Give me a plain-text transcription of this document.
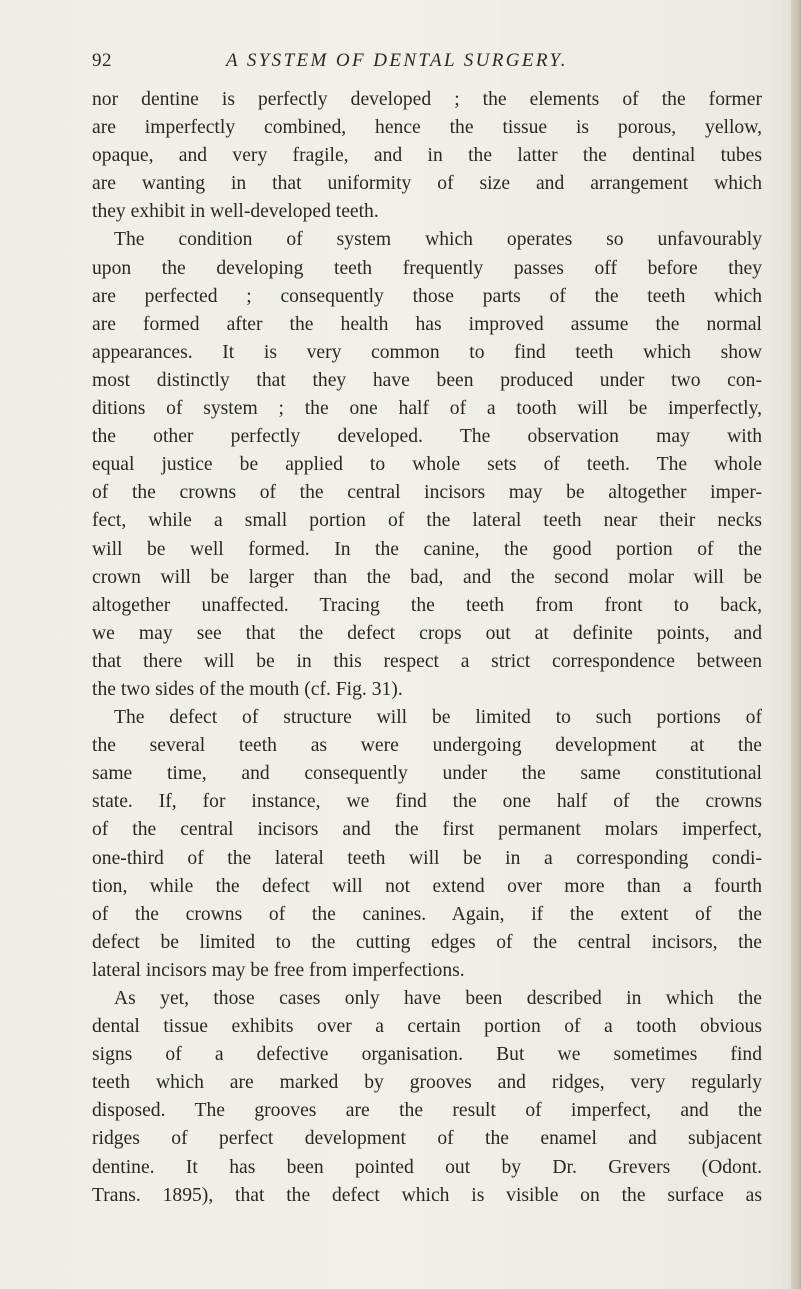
92	A SYSTEM OF DENTAL SURGERY.
nor dentine is perfectly developed ; the elements of the former
are imperfectly combined, hence the tissue is porous, yellow,
opaque, and very fragile, and in the latter the dentinal tubes
are wanting in that uniformity of size and arrangement which
they exhibit in well-developed teeth.
The condition of system which operates so unfavourably
upon the developing teeth frequently passes off before they
are perfected ; consequently those parts of the teeth which
are formed after the health has improved assume the normal
appearances. It is very common to find teeth which show
most distinctly that they have been produced under two con-
ditions of system ; the one half of a tooth will be imperfectly,
the other perfectly developed. The observation may with
equal justice be applied to whole sets of teeth. The whole
of the crowns of the central incisors may be altogether imper-
fect, while a small portion of the lateral teeth near their necks
will be well formed. In the canine, the good portion of the
crown will be larger than the bad, and the second molar will be
altogether unaffected. Tracing the teeth from front to back,
we may see that the defect crops out at definite points, and
that there will be in this respect a strict correspondence between
the two sides of the mouth (cf. Fig. 31).
The defect of structure will be limited to such portions of
the several teeth as were undergoing development at the
same time, and consequently under the same constitutional
state. If, for instance, we find the one half of the crowns
of the central incisors and the first permanent molars imperfect,
one-third of the lateral teeth will be in a corresponding condi-
tion, while the defect will not extend over more than a fourth
of the crowns of the canines. Again, if the extent of the
defect be limited to the cutting edges of the central incisors, the
lateral incisors may be free from imperfections.
As yet, those cases only have been described in which the
dental tissue exhibits over a certain portion of a tooth obvious
signs of a defective organisation. But we sometimes find
teeth which are marked by grooves and ridges, very regularly
disposed. The grooves are the result of imperfect, and the
ridges of perfect development of the enamel and subjacent
dentine. It has been pointed out by Dr. Grevers (Odont.
Trans. 1895), that the defect which is visible on the surface as
